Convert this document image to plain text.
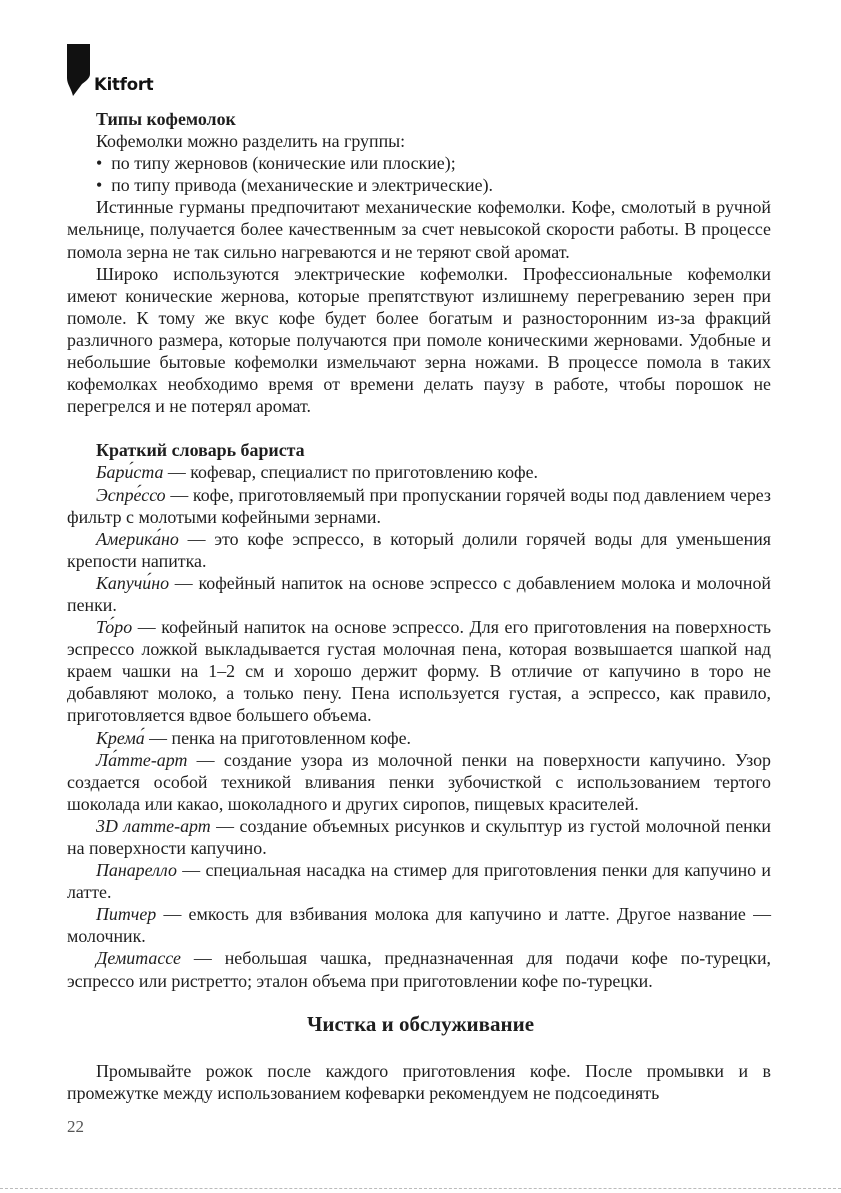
Kitfort
Типы кофемолок

Кофемолки можно разделить на группы:

•  по типу жерновов (конические или плоские);
•  по типу привода (механические и электрические).

Истинные гурманы предпочитают механические кофемолки. Кофе, смолотый в ручной мельнице, получается более качественным за счет невысокой скорости работы. В процессе помола зерна не так сильно нагреваются и не теряют свой аромат.

Широко используются электрические кофемолки. Профессиональные кофемолки имеют конические жернова, которые препятствуют излишнему перегреванию зерен при помоле. К тому же вкус кофе будет более богатым и разносторонним из-за фракций различного размера, которые получаются при помоле коническими жерновами. Удобные и небольшие бытовые кофемолки измельчают зерна ножами. В процессе помола в таких кофемолках необходимо время от времени делать паузу в работе, чтобы порошок не перегрелся и не потерял аромат.

Краткий словарь бариста

Бари́ста — кофевар, специалист по приготовлению кофе.

Эспре́ссо — кофе, приготовляемый при пропускании горячей воды под давлением через фильтр с молотыми кофейными зернами.

Америка́но — это кофе эспрессо, в который долили горячей воды для уменьшения крепости напитка.

Капучи́но — кофейный напиток на основе эспрессо с добавлением молока и молочной пенки.

То́ро — кофейный напиток на основе эспрессо. Для его приготовления на поверхность эспрессо ложкой выкладывается густая молочная пена, которая возвышается шапкой над краем чашки на 1–2 см и хорошо держит форму. В отличие от капучино в торо не добавляют молоко, а только пену. Пена используется густая, а эспрессо, как правило, приготовляется вдвое большего объема.

Крема́ — пенка на приготовленном кофе.

Ла́тте-арт — создание узора из молочной пенки на поверхности капучино. Узор создается особой техникой вливания пенки зубочисткой с использованием тертого шоколада или какао, шоколадного и других сиропов, пищевых красителей.

3D латте-арт — создание объемных рисунков и скульптур из густой молочной пенки на поверхности капучино.

Панарелло — специальная насадка на стимер для приготовления пенки для капучино и латте.

Питчер — емкость для взбивания молока для капучино и латте. Другое название — молочник.

Демитассе — небольшая чашка, предназначенная для подачи кофе по-турецки, эспрессо или ристретто; эталон объема при приготовлении кофе по-турецки.

Чистка и обслуживание

Промывайте рожок после каждого приготовления кофе. После промывки и в промежутке между использованием кофеварки рекомендуем не подсоединять

22
